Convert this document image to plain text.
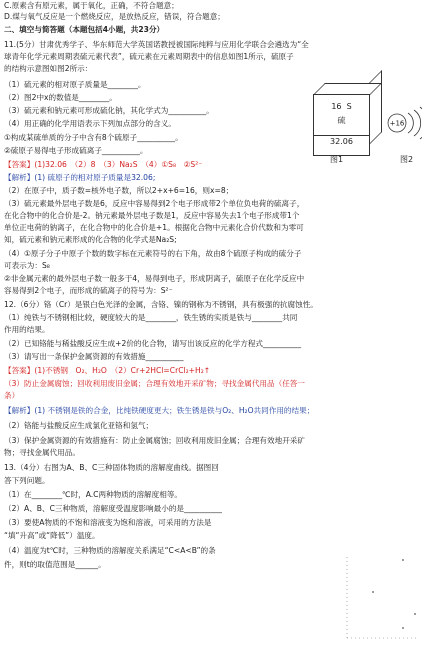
C.原素含有原元素，属于氧化，正确，不符合题意；
D.煤与氧气反应是一个燃烧反应，是放热反应，错误，符合题意；
二、填空与简答题（本题包括4小题，共23分）
11.(5分）甘肃优秀学子、华东师范大学英国诺教授被国际纯粹与应用化学联合会遴选为“全
球青年化学元素周期表硫元素代表”，硫元素在元素周期表中的信息如图1所示，硫原子
的结构示意图如图2所示：
（1）硫元素的相对原子质量是________。
（2）图2中x的数值是________。
（3）硫元素和钠元素可形成硫化钠，其化学式为__________。
（4）用正确的化学用语表示下列加点部分的含义。
①构成某硫单质的分子中含有8个硫原子__________。
②硫原子易得电子形成硫离子__________。
【答案】(1)32.06　（2）8　（3）Na₂S　（4）①S₈　②S²⁻
【解析】(1) 硫原子的相对原子质量是32.06;
（2）在原子中，质子数=核外电子数，所以2+x+6=16，则x=8；
（3）硫元素最外层电子数是6，反应中容易得到2个电子形成带2个单位负电荷的硫离子，
在化合物中的化合价是-2。钠元素最外层电子数是1，反应中容易失去1个电子形成带1个
单位正电荷的钠离子，在化合物中的化合价是+1。根据化合物中元素化合价代数和为零可
知，硫元素和钠元素形成的化合物的化学式是Na₂S;
（4）①原子分子中原子个数的数字标在元素符号的右下角，故由8个硫原子构成的硫分子
可表示为：S₈
②非金属元素的最外层电子数一般多于4，易得到电子，形成阴离子，硫原子在化学反应中
容易得到2个电子，而形成的硫离子的符号为：S²⁻
12.（6分）铬（Cr）是银白色光泽的金属，含铬、镍的钢称为不锈钢，具有极强的抗腐蚀性。
（1）纯铁与不锈钢相比较，硬度较大的是________，铁生锈的实质是铁与________共同
作用的结果。
（2）已知铬能与稀盐酸反应生成+2价的化合物，请写出该反应的化学方程式__________
（3）请写出一条保护金属资源的有效措施__________
【答案】(1)不锈钢　O₂、H₂O　（2）Cr+2HCl=CrCl₂+H₂↑
（3）防止金属腐蚀；回收利用废旧金属；合理有效地开采矿物；寻找金属代用品（任答一
条）
【解析】(1) 不锈钢是铁的合金，比纯铁硬度更大；铁生锈是铁与O₂、H₂O共同作用的结果；
（2）铬能与盐酸反应生成氯化亚铬和氢气；
（3）保护金属资源的有效措施有：防止金属腐蚀；回收利用废旧金属；合理有效地开采矿
物；寻找金属代用品。
13.（4分）右图为A、B、C三种固体物质的溶解度曲线。据图回
答下列问题。
（1）在________℃时，A.C两种物质的溶解度相等。
（2）A、B、C三种物质，溶解度受温度影响最小的是__________
（3）要使A物质的不饱和溶液变为饱和溶液，可采用的方法是
“填“升高”或“降低”）温度。
（4）温度为t℃时，三种物质的溶解度关系满足“C<A<B”的条
件，则t的取值范围是______。
16 S
硫
32.06
图1
+16
图2
